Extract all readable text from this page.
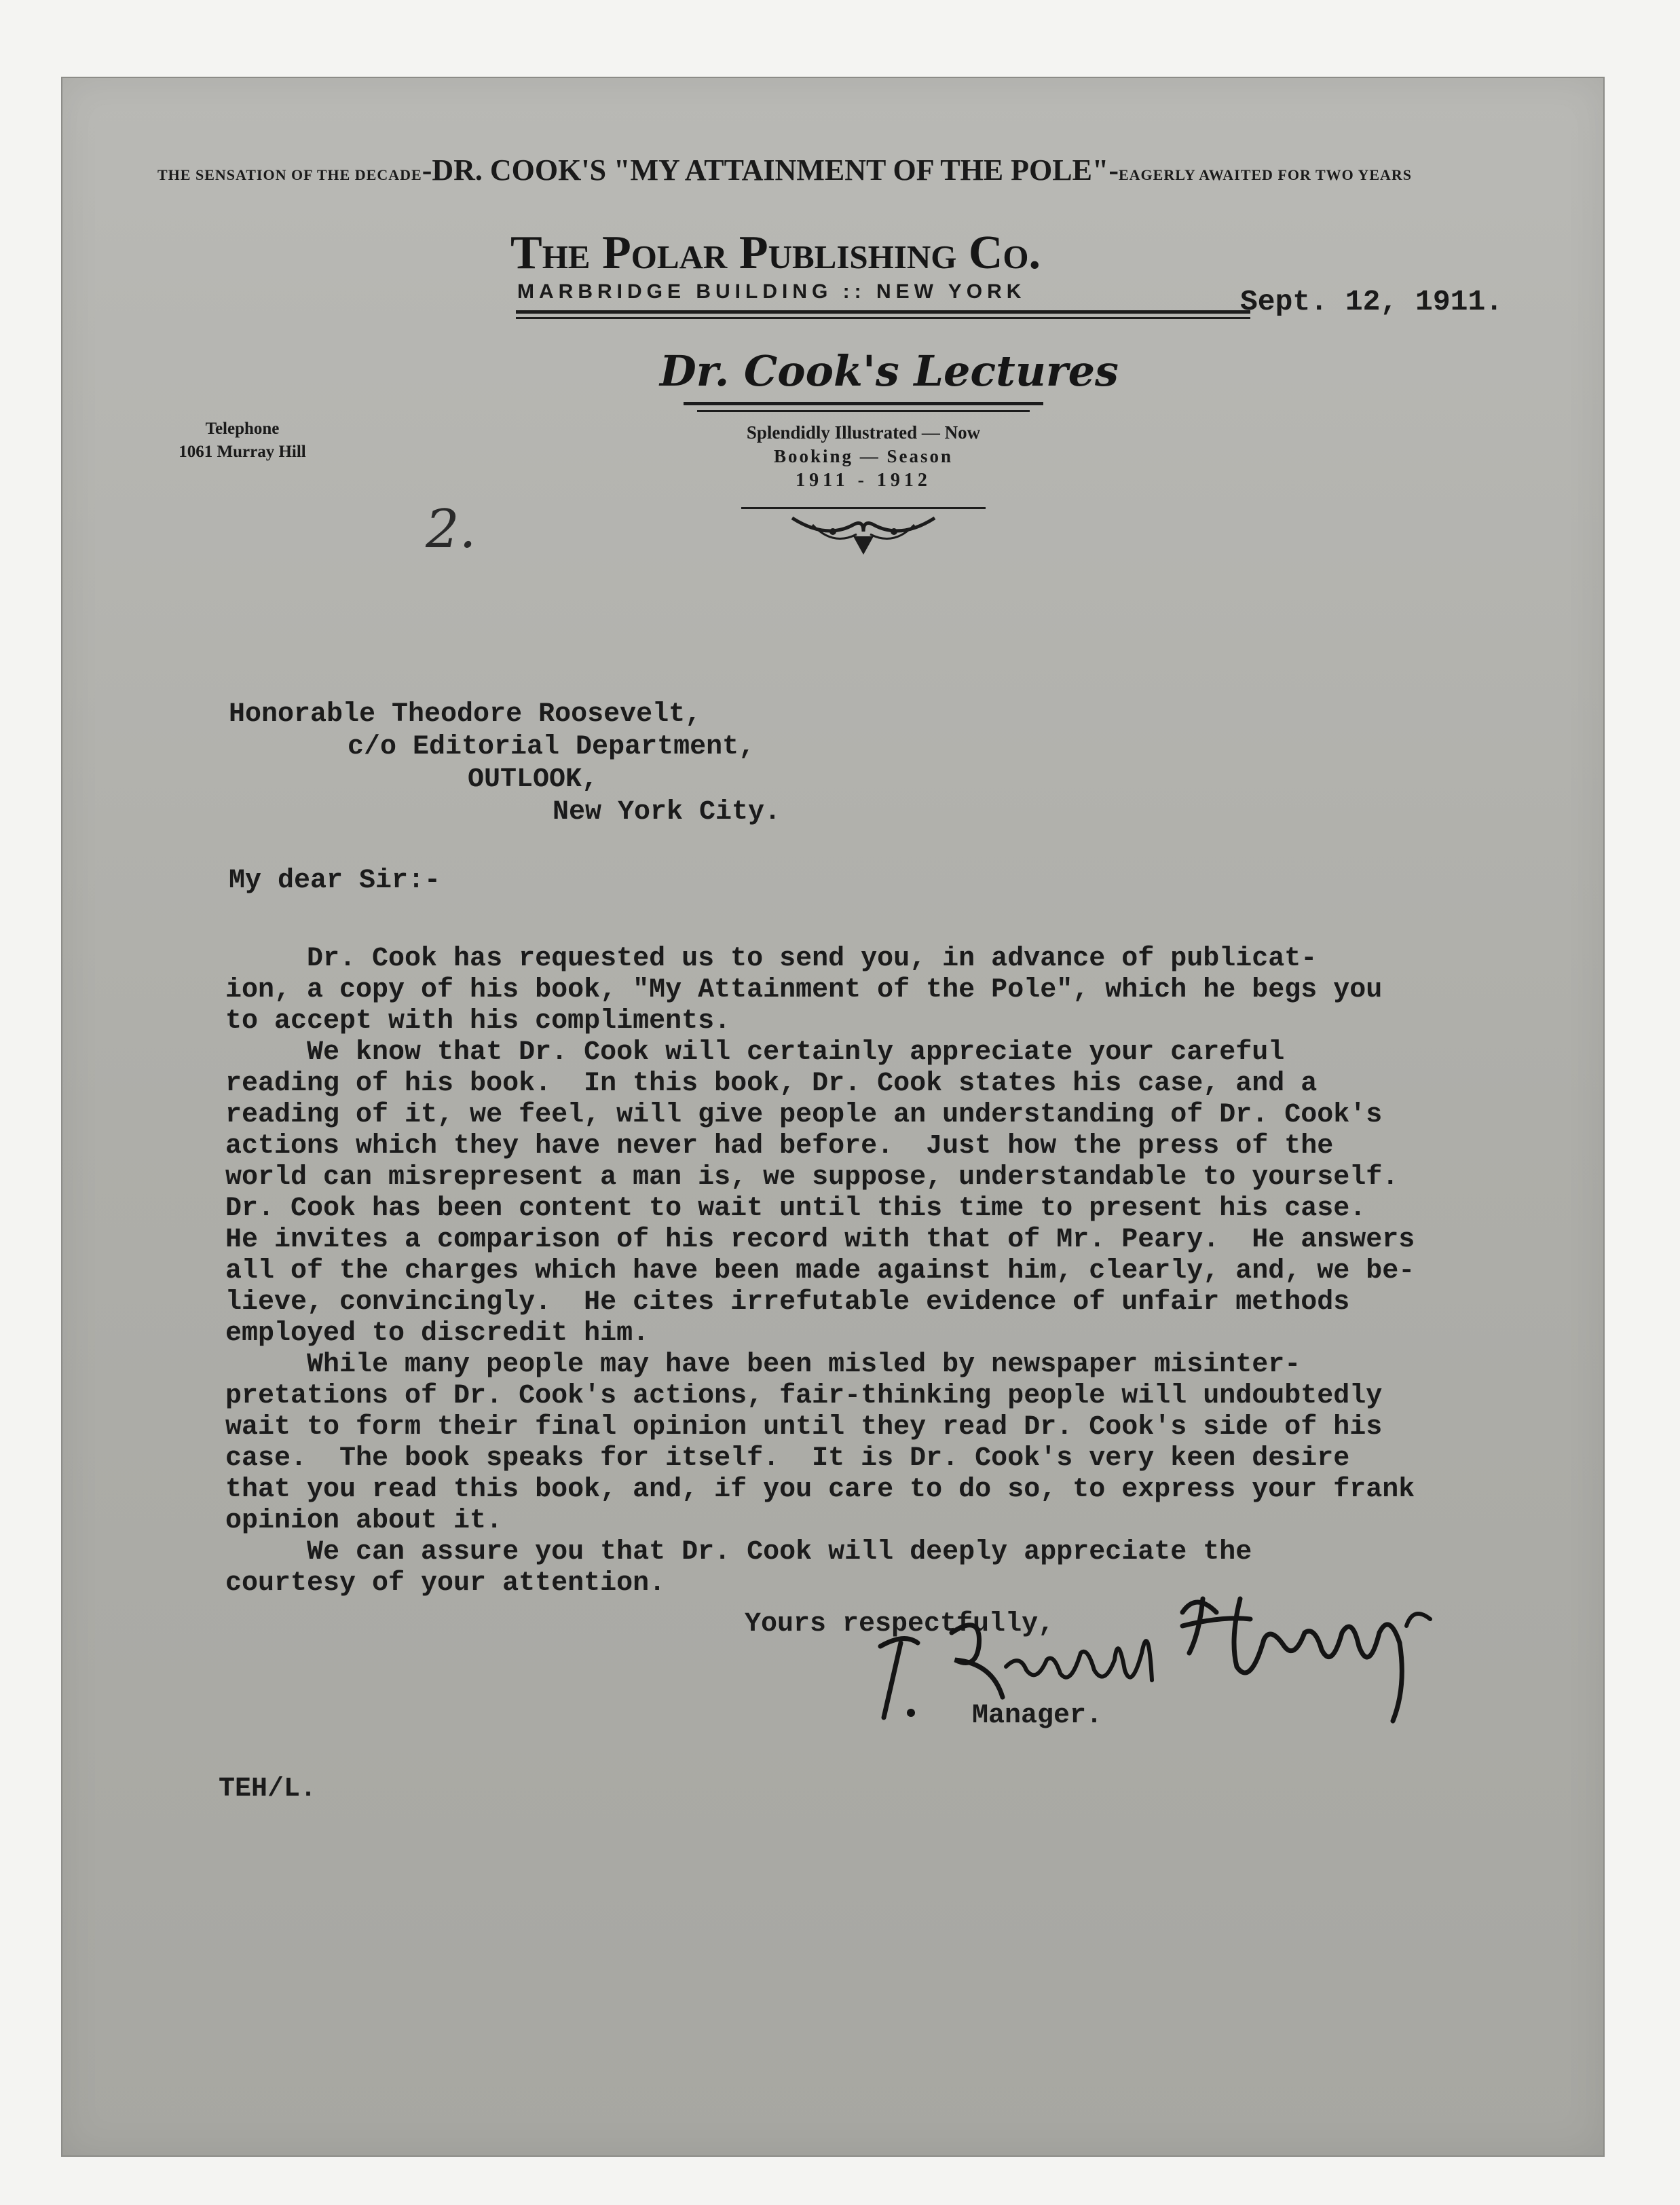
THE SENSATION OF THE DECADE-DR. COOK'S "MY ATTAINMENT OF THE POLE"-EAGERLY AWAITED FOR TWO YEARS
The Polar Publishing Co.
MARBRIDGE BUILDING :: NEW YORK	Sept. 12, 1911.
Dr. Cook's Lectures
Splendidly Illustrated — Now
Booking — Season
1911 - 1912
Telephone
1061 Murray Hill
2.
Honorable Theodore Roosevelt,
c/o Editorial Department,
OUTLOOK,
New York City.
My dear Sir:-
Dr. Cook has requested us to send you, in advance of publicat-
ion, a copy of his book, "My Attainment of the Pole", which he begs you
to accept with his compliments.
We know that Dr. Cook will certainly appreciate your careful
reading of his book.  In this book, Dr. Cook states his case, and a
reading of it, we feel, will give people an understanding of Dr. Cook's
actions which they have never had before.  Just how the press of the
world can misrepresent a man is, we suppose, understandable to yourself.
Dr. Cook has been content to wait until this time to present his case.
He invites a comparison of his record with that of Mr. Peary.  He answers
all of the charges which have been made against him, clearly, and, we be-
lieve, convincingly.  He cites irrefutable evidence of unfair methods
employed to discredit him.
While many people may have been misled by newspaper misinter-
pretations of Dr. Cook's actions, fair-thinking people will undoubtedly
wait to form their final opinion until they read Dr. Cook's side of his
case.  The book speaks for itself.  It is Dr. Cook's very keen desire
that you read this book, and, if you care to do so, to express your frank
opinion about it.
We can assure you that Dr. Cook will deeply appreciate the
courtesy of your attention.
Yours respectfully,
Manager.
TEH/L.
